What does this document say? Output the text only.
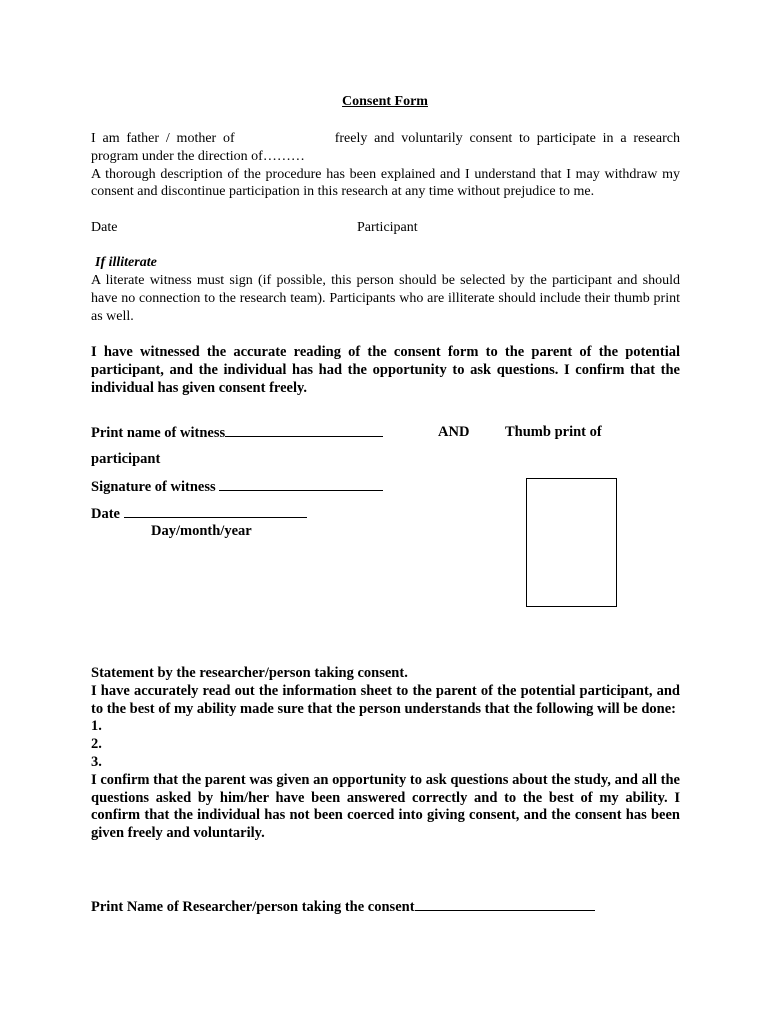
Consent Form
I am father / mother of	freely and voluntarily consent to participate in a research program under the direction of………
A thorough description of the procedure has been explained and I understand that I may withdraw my consent and discontinue participation in this research at any time without prejudice to me.
Date	Participant
If illiterate
A literate witness must sign (if possible, this person should be selected by the participant and should have no connection to the research team). Participants who are illiterate should include their thumb print as well.
I have witnessed the accurate reading of the consent form to the parent of the potential participant, and the individual has had the opportunity to ask questions. I confirm that the individual has given consent freely.
Print name of witness	AND Thumb print of
participant
Signature of witness
Date
Day/month/year
Statement by the researcher/person taking consent.
I have accurately read out the information sheet to the parent of the potential participant, and to the best of my ability made sure that the person understands that the following will be done:
1.
2.
3.
I confirm that the parent was given an opportunity to ask questions about the study, and all the questions asked by him/her have been answered correctly and to the best of my ability. I confirm that the individual has not been coerced into giving consent, and the consent has been given freely and voluntarily.
Print Name of Researcher/person taking the consent
